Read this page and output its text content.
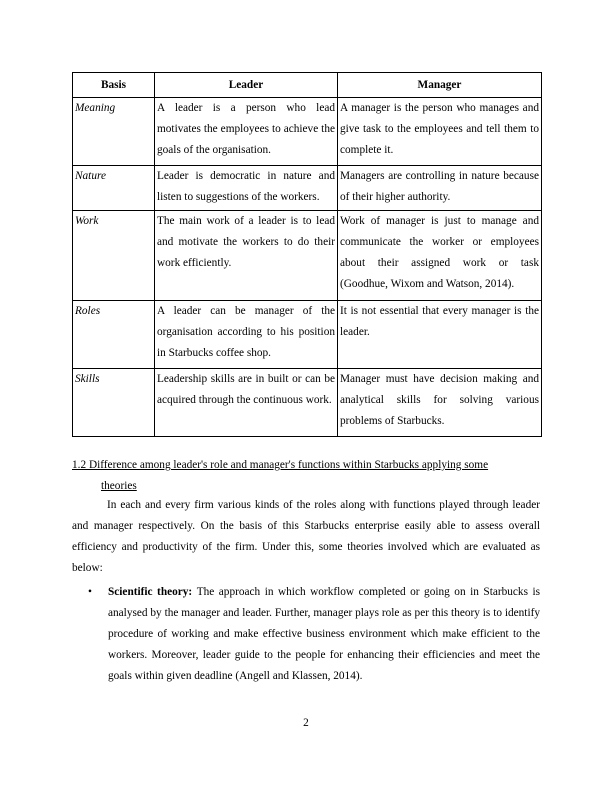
Basis	Leader	Manager
Meaning	A leader is a person who lead motivates the employees to achieve the goals of the organisation.	A manager is the person who manages and give task to the employees and tell them to complete it.
Nature	Leader is democratic in nature and listen to suggestions of the workers.	Managers are controlling in nature because of their higher authority.
Work	The main work of a leader is to lead and motivate the workers to do their work efficiently.	Work of manager is just to manage and communicate the worker or employees about their assigned work or task (Goodhue, Wixom and Watson, 2014).
Roles	A leader can be manager of the organisation according to his position in Starbucks coffee shop.	It is not essential that every manager is the leader.
Skills	Leadership skills are in built or can be acquired through the continuous work.	Manager must have decision making and analytical skills for solving various problems of Starbucks.
1.2 Difference among leader's role and manager's functions within Starbucks applying some
theories

In each and every firm various kinds of the roles along with functions played through leader and manager respectively. On the basis of this Starbucks enterprise easily able to assess overall efficiency and productivity of the firm. Under this, some theories involved which are evaluated as below:

• Scientific theory: The approach in which workflow completed or going on in Starbucks is analysed by the manager and leader. Further, manager plays role as per this theory is to identify procedure of working and make effective business environment which make efficient to the workers. Moreover, leader guide to the people for enhancing their efficiencies and meet the goals within given deadline (Angell and Klassen, 2014).
2
